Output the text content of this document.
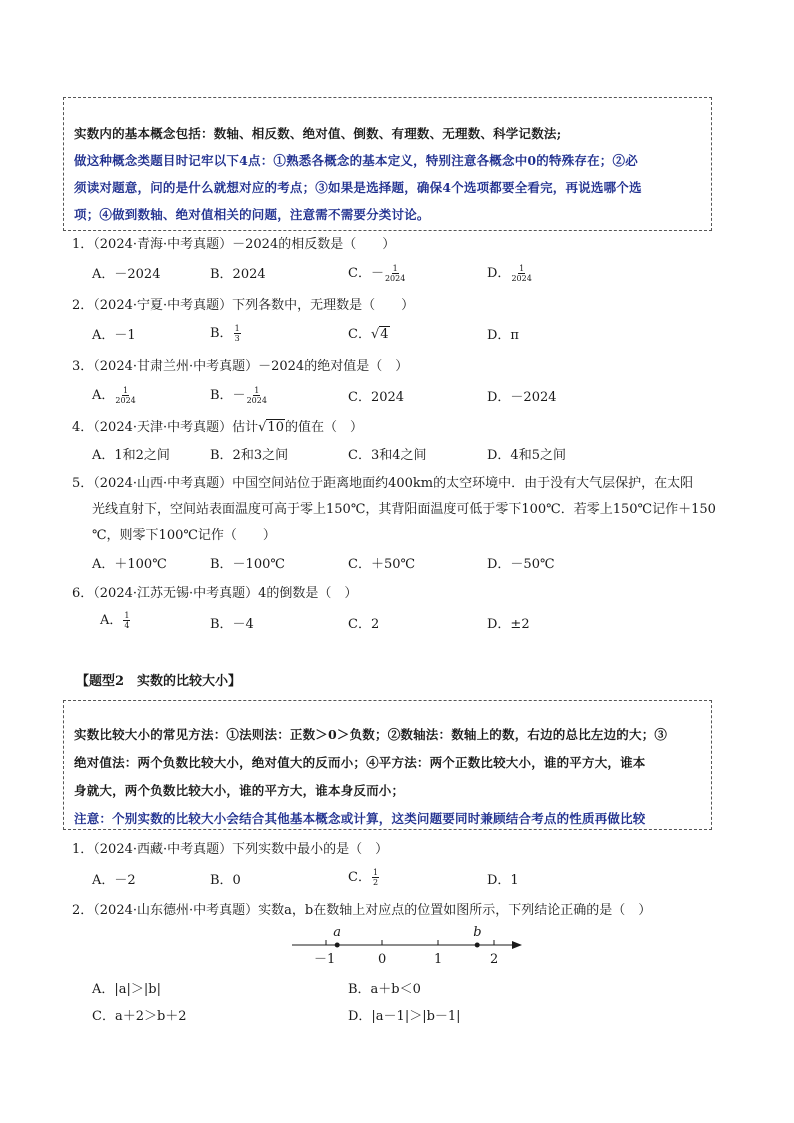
实数内的基本概念包括：数轴、相反数、绝对值、倒数、有理数、无理数、科学记数法;
做这种概念类题目时记牢以下4点：①熟悉各概念的基本定义，特别注意各概念中0的特殊存在；②必
须读对题意，问的是什么就想对应的考点；③如果是选择题，确保4个选项都要全看完，再说选哪个选
项；④做到数轴、绝对值相关的问题，注意需不需要分类讨论。
1．（2024·青海·中考真题）－2024的相反数是（　　）
A．－2024	B．2024	C．－ $\frac{1}{2024}$	D． $\frac{1}{2024}$
2．（2024·宁夏·中考真题）下列各数中，无理数是（　　）
A．－1	B． $\frac{1}{3}$	C．√4	D．π
3．（2024·甘肃兰州·中考真题）－2024的绝对值是（　）
A． $\frac{1}{2024}$	B．－ $\frac{1}{2024}$	C．2024	D．－2024
4．（2024·天津·中考真题）估计√10的值在（　）
A．1和2之间	B．2和3之间	C．3和4之间	D．4和5之间
5．（2024·山西·中考真题）中国空间站位于距离地面约400km的太空环境中．由于没有大气层保护，在太阳
光线直射下，空间站表面温度可高于零上150℃，其背阳面温度可低于零下100℃．若零上150℃记作＋150
℃，则零下100℃记作（　　）
A．＋100℃	B．－100℃	C．＋50℃	D．－50℃
6．（2024·江苏无锡·中考真题）4的倒数是（　）
A． $\frac{1}{4}$	B．－4	C．2	D．±2
【题型2　实数的比较大小】
实数比较大小的常见方法：①法则法：正数＞0＞负数；②数轴法：数轴上的数，右边的总比左边的大；③
绝对值法：两个负数比较大小，绝对值大的反而小；④平方法：两个正数比较大小，谁的平方大，谁本
身就大，两个负数比较大小，谁的平方大，谁本身反而小；
注意：个别实数的比较大小会结合其他基本概念或计算，这类问题要同时兼顾结合考点的性质再做比较
1．（2024·西藏·中考真题）下列实数中最小的是（　）
A．－2	B．0	C． $\frac{1}{2}$	D．1
2．（2024·山东德州·中考真题）实数a，b在数轴上对应点的位置如图所示，下列结论正确的是（　）
a	b
－1	0	1	2
A．|a|＞|b|	B．a＋b＜0
C．a＋2＞b＋2	D．|a－1|＞|b－1|
